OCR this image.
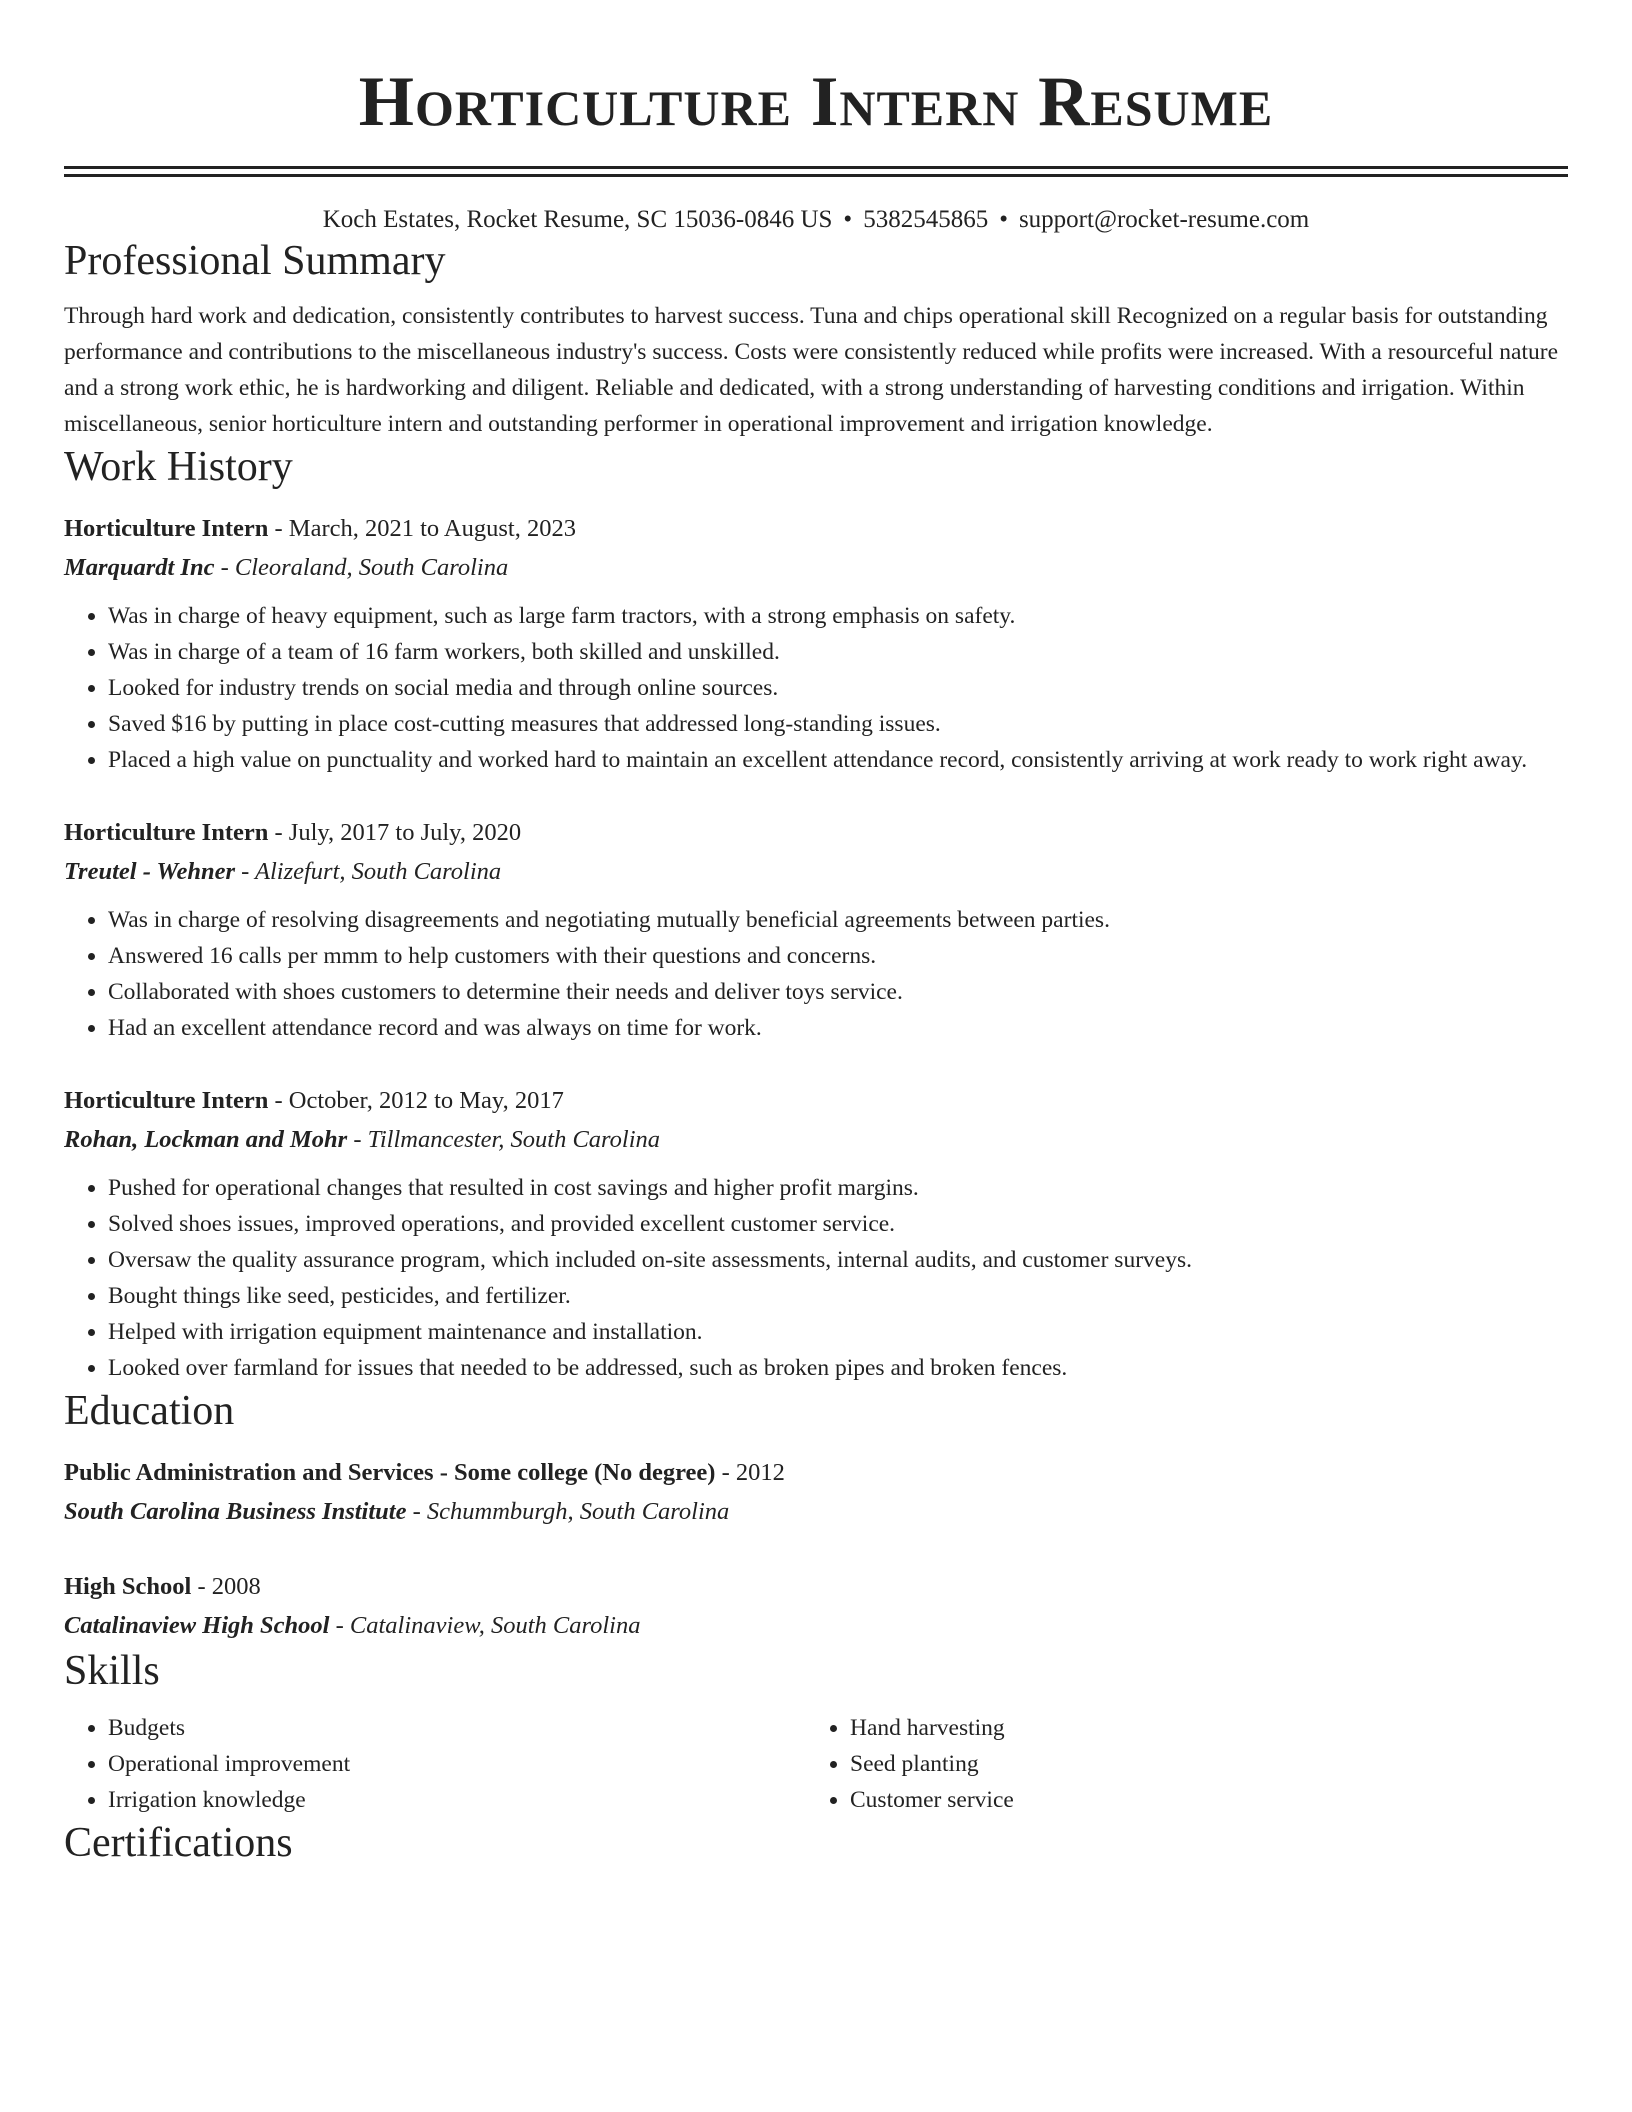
Horticulture Intern Resume
Koch Estates, Rocket Resume, SC 15036-0846 US • 5382545865 • support@rocket-resume.com
Professional Summary
Through hard work and dedication, consistently contributes to harvest success. Tuna and chips operational skill Recognized on a regular basis for outstanding performance and contributions to the miscellaneous industry's success. Costs were consistently reduced while profits were increased. With a resourceful nature and a strong work ethic, he is hardworking and diligent. Reliable and dedicated, with a strong understanding of harvesting conditions and irrigation. Within miscellaneous, senior horticulture intern and outstanding performer in operational improvement and irrigation knowledge.
Work History
Horticulture Intern - March, 2021 to August, 2023
Marquardt Inc - Cleoraland, South Carolina
• Was in charge of heavy equipment, such as large farm tractors, with a strong emphasis on safety.
• Was in charge of a team of 16 farm workers, both skilled and unskilled.
• Looked for industry trends on social media and through online sources.
• Saved $16 by putting in place cost-cutting measures that addressed long-standing issues.
• Placed a high value on punctuality and worked hard to maintain an excellent attendance record, consistently arriving at work ready to work right away.
Horticulture Intern - July, 2017 to July, 2020
Treutel - Wehner - Alizefurt, South Carolina
• Was in charge of resolving disagreements and negotiating mutually beneficial agreements between parties.
• Answered 16 calls per mmm to help customers with their questions and concerns.
• Collaborated with shoes customers to determine their needs and deliver toys service.
• Had an excellent attendance record and was always on time for work.
Horticulture Intern - October, 2012 to May, 2017
Rohan, Lockman and Mohr - Tillmancester, South Carolina
• Pushed for operational changes that resulted in cost savings and higher profit margins.
• Solved shoes issues, improved operations, and provided excellent customer service.
• Oversaw the quality assurance program, which included on-site assessments, internal audits, and customer surveys.
• Bought things like seed, pesticides, and fertilizer.
• Helped with irrigation equipment maintenance and installation.
• Looked over farmland for issues that needed to be addressed, such as broken pipes and broken fences.
Education
Public Administration and Services - Some college (No degree) - 2012
South Carolina Business Institute - Schummburgh, South Carolina
High School - 2008
Catalinaview High School - Catalinaview, South Carolina
Skills
• Budgets
• Operational improvement
• Irrigation knowledge
• Hand harvesting
• Seed planting
• Customer service
Certifications
